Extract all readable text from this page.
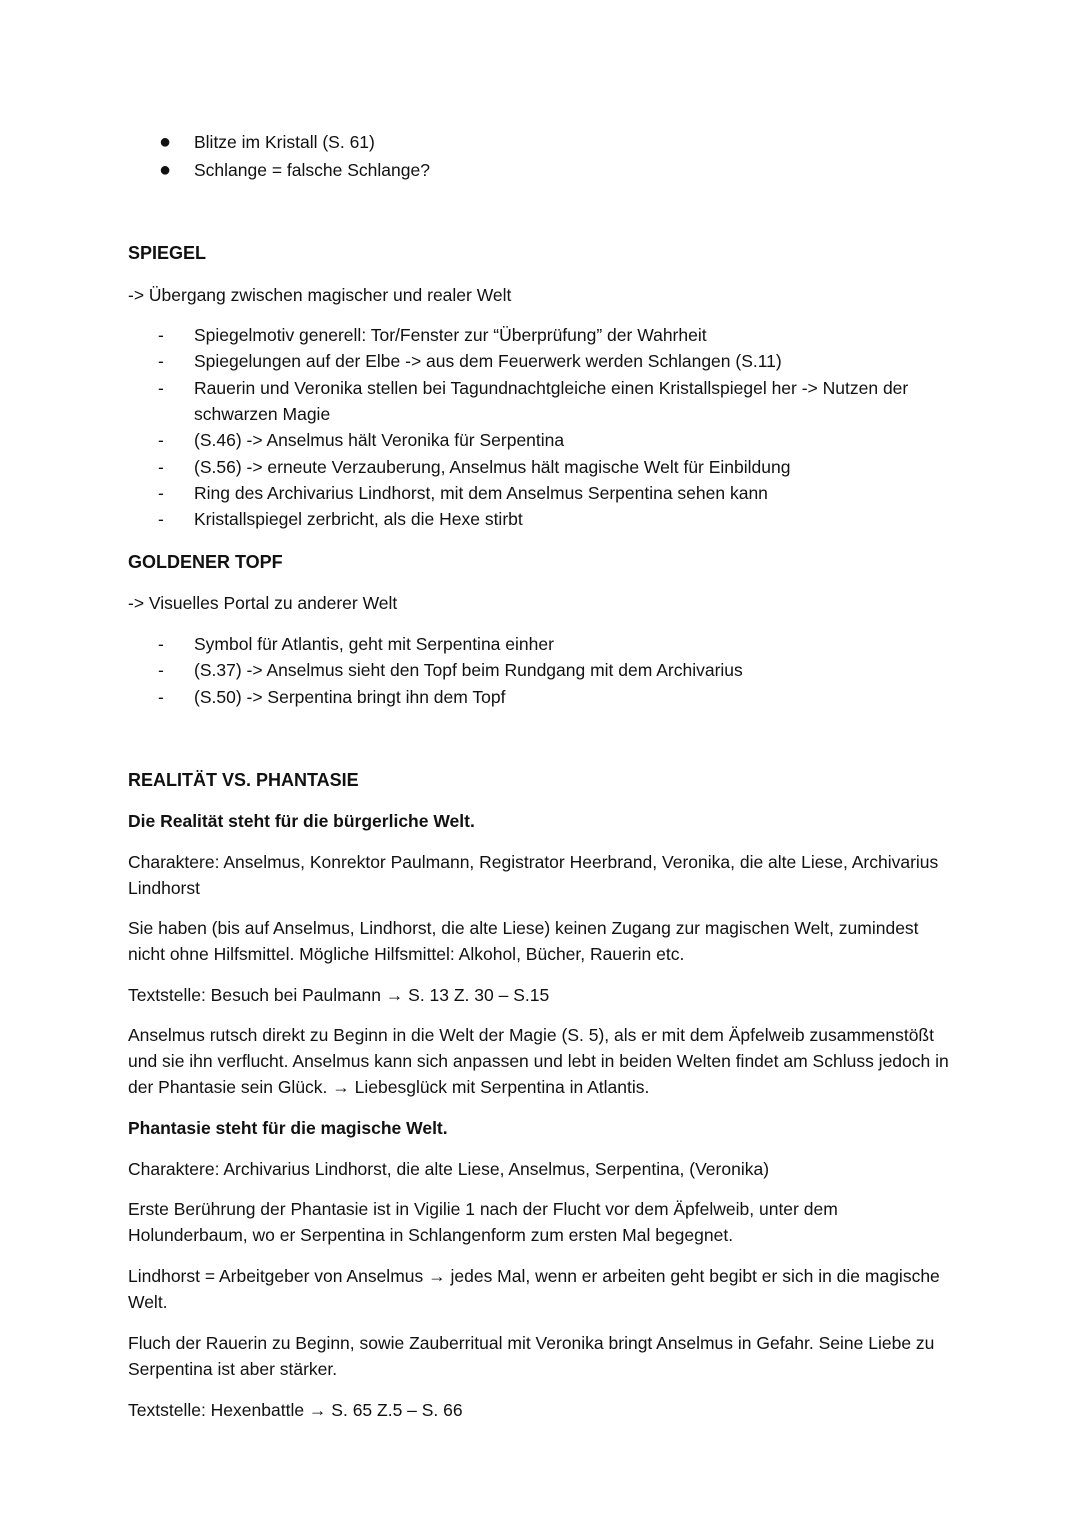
● Blitze im Kristall (S. 61)
● Schlange = falsche Schlange?
SPIEGEL

-> Übergang zwischen magischer und realer Welt

-	Spiegelmotiv generell: Tor/Fenster zur “Überprüfung” der Wahrheit
-	Spiegelungen auf der Elbe -> aus dem Feuerwerk werden Schlangen (S.11)
-	Rauerin und Veronika stellen bei Tagundnachtgleiche einen Kristallspiegel her -> Nutzen der schwarzen Magie
-	(S.46) -> Anselmus hält Veronika für Serpentina
-	(S.56) -> erneute Verzauberung, Anselmus hält magische Welt für Einbildung
-	Ring des Archivarius Lindhorst, mit dem Anselmus Serpentina sehen kann
-	Kristallspiegel zerbricht, als die Hexe stirbt
GOLDENER TOPF

-> Visuelles Portal zu anderer Welt

-	Symbol für Atlantis, geht mit Serpentina einher
-	(S.37) -> Anselmus sieht den Topf beim Rundgang mit dem Archivarius
-	(S.50) -> Serpentina bringt ihn dem Topf
REALITÄT VS. PHANTASIE

Die Realität steht für die bürgerliche Welt.

Charaktere: Anselmus, Konrektor Paulmann, Registrator Heerbrand, Veronika, die alte Liese, Archivarius Lindhorst

Sie haben (bis auf Anselmus, Lindhorst, die alte Liese) keinen Zugang zur magischen Welt, zumindest nicht ohne Hilfsmittel. Mögliche Hilfsmittel: Alkohol, Bücher, Rauerin etc.

Textstelle: Besuch bei Paulmann → S. 13 Z. 30 – S.15

Anselmus rutsch direkt zu Beginn in die Welt der Magie (S. 5), als er mit dem Äpfelweib zusammenstößt und sie ihn verflucht. Anselmus kann sich anpassen und lebt in beiden Welten findet am Schluss jedoch in der Phantasie sein Glück. → Liebesglück mit Serpentina in Atlantis.

Phantasie steht für die magische Welt.

Charaktere: Archivarius Lindhorst, die alte Liese, Anselmus, Serpentina, (Veronika)

Erste Berührung der Phantasie ist in Vigilie 1 nach der Flucht vor dem Äpfelweib, unter dem Holunderbaum, wo er Serpentina in Schlangenform zum ersten Mal begegnet.

Lindhorst = Arbeitgeber von Anselmus → jedes Mal, wenn er arbeiten geht begibt er sich in die magische Welt.

Fluch der Rauerin zu Beginn, sowie Zauberritual mit Veronika bringt Anselmus in Gefahr. Seine Liebe zu Serpentina ist aber stärker.

Textstelle: Hexenbattle → S. 65 Z.5 – S. 66
